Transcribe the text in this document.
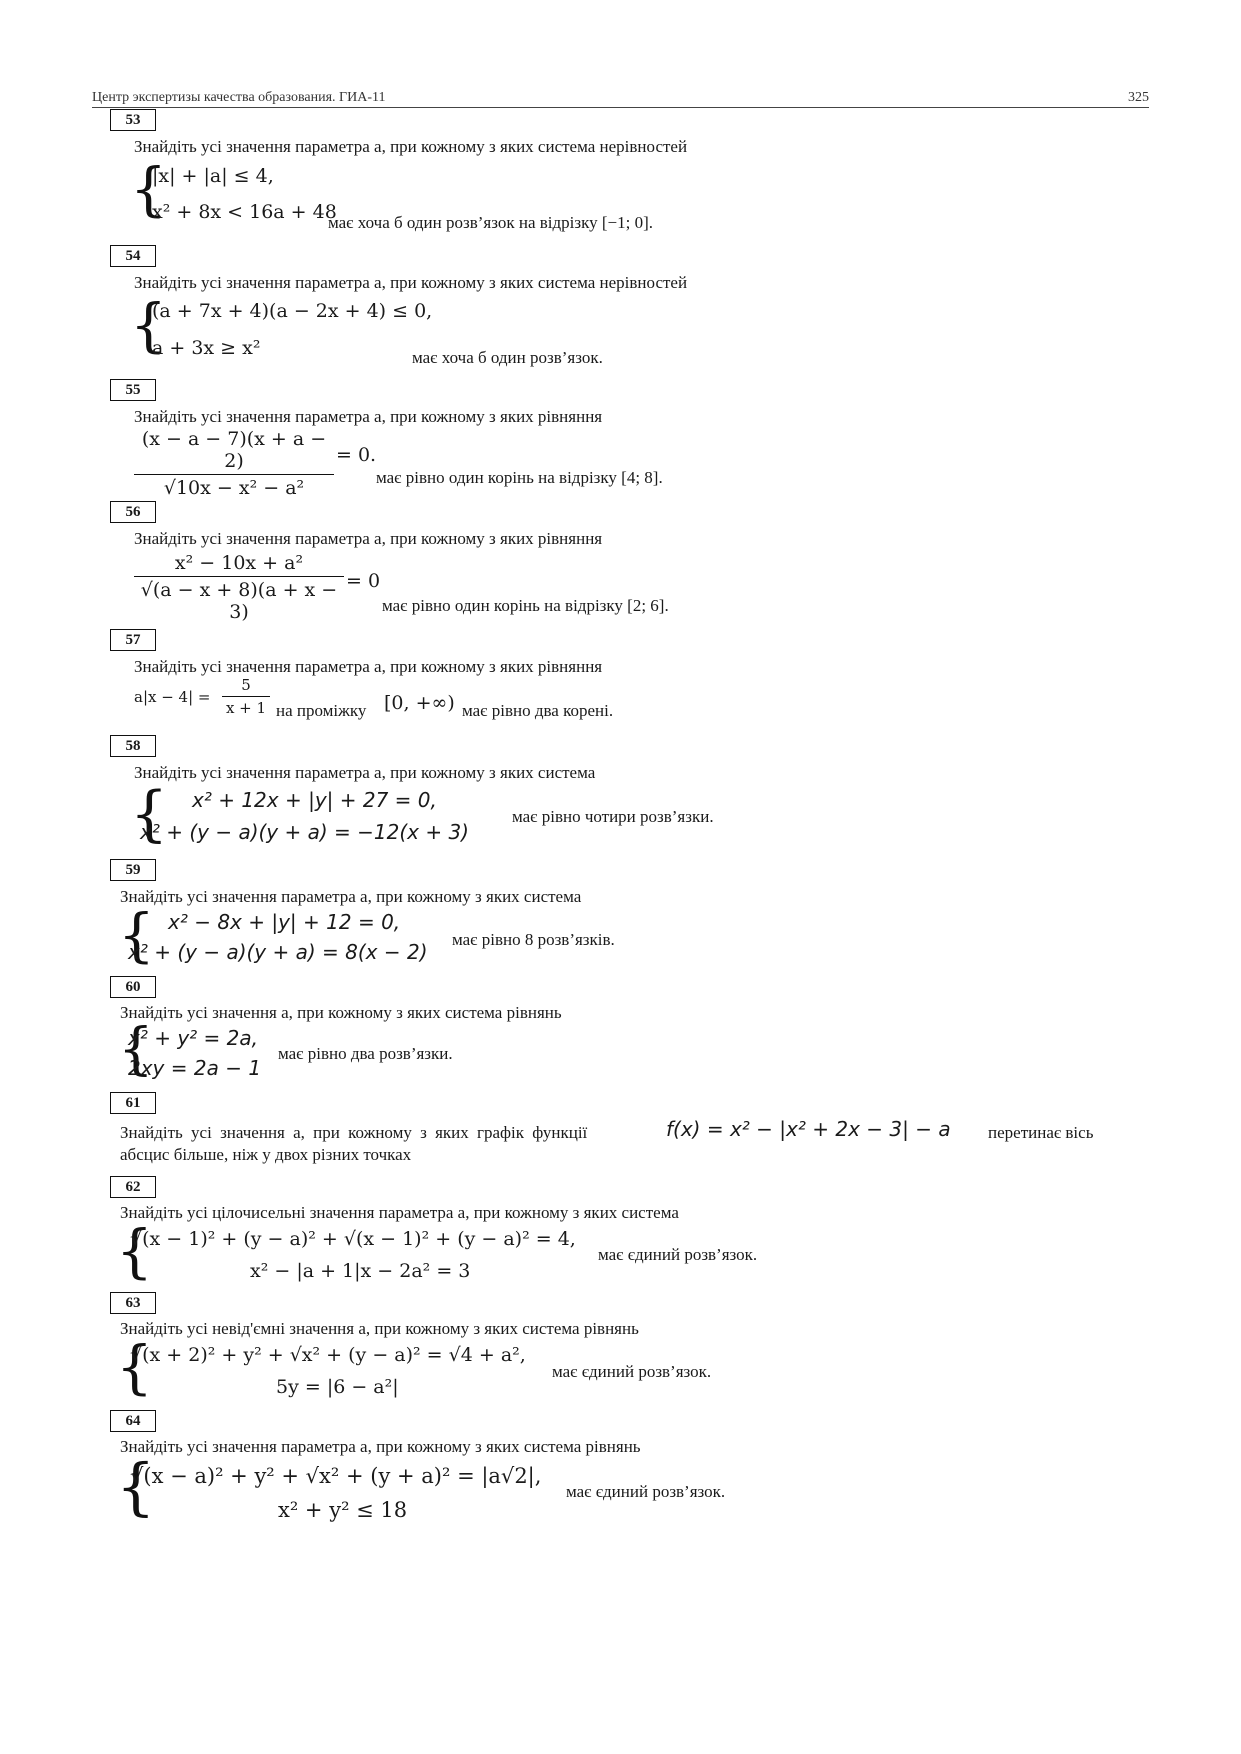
Центр экспертизы качества образования. ГИА-11	325
53
Знайдіть усі значення параметра a, при кожному з яких система нерівностей
{
|x| + |a| ≤ 4,
x² + 8x < 16a + 48
має хоча б один розв’язок на відрізку [−1; 0].
54
Знайдіть усі значення параметра a, при кожному з яких система нерівностей
{
(a + 7x + 4)(a − 2x + 4) ≤ 0,
a + 3x ≥ x²	має хоча б один розв’язок.
55
Знайдіть усі значення параметра a, при кожному з яких рівняння
(x − a − 7)(x + a − 2)
√10x − x² − a²
= 0.
має рівно один корінь на відрізку [4; 8].
56
Знайдіть усі значення параметра a, при кожному з яких рівняння
x² − 10x + a²
√(a − x + 8)(a + x − 3)
= 0
має рівно один корінь на відрізку [2; 6].
57
Знайдіть усі значення параметра a, при кожному з яких рівняння
a|x − 4| =
5
x + 1 на проміжку [0, +∞) має рівно два корені.
58
Знайдіть усі значення параметра a, при кожному з яких система
{ x² + 12x + |y| + 27 = 0,
x² + (y − a)(y + a) = −12(x + 3)
має рівно чотири розв’язки.
59
Знайдіть усі значення параметра a, при кожному з яких система
{ x² − 8x + |y| + 12 = 0,
x² + (y − a)(y + a) = 8(x − 2)
має рівно 8 розв’язків.
60
Знайдіть усі значення a, при кожному з яких система рівнянь
{
x² + y² = 2a,
2xy = 2a − 1
має рівно два розв’язки.
61
Знайдіть усі значення a, при кожному з яких графік функції	f(x) = x² − |x² + 2x − 3| − a перетинає вісь
абсцис більше, ніж у двох різних точках
62
Знайдіть усі цілочисельні значення параметра a, при кожному з яких система
{
√(x − 1)² + (y − a)² + √(x − 1)² + (y − a)² = 4,
x² − |a + 1|x − 2a² = 3
має єдиний розв’язок.
63
Знайдіть усі невід'ємні значення a, при кожному з яких система рівнянь
{
√(x + 2)² + y² + √x² + (y − a)² = √4 + a²,
5y = |6 − a²|
має єдиний розв’язок.
64
Знайдіть усі значення параметра a, при кожному з яких система рівнянь
{
√(x − a)² + y² + √x² + (y + a)² = |a√2|,
x² + y² ≤ 18
має єдиний розв’язок.
